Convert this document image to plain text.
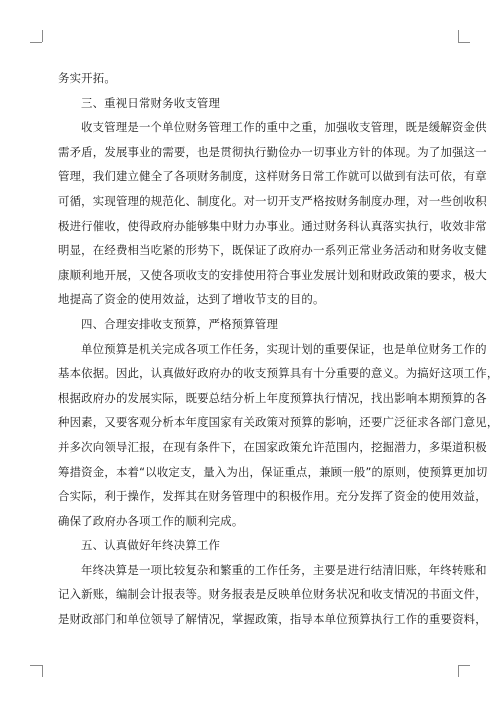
务实开拓。
三、重视日常财务收支管理
收支管理是一个单位财务管理工作的重中之重，加强收支管理，既是缓解资金供
需矛盾，发展事业的需要，也是贯彻执行勤俭办一切事业方针的体现。为了加强这一
管理，我们建立健全了各项财务制度，这样财务日常工作就可以做到有法可依，有章
可循，实现管理的规范化、制度化。对一切开支严格按财务制度办理，对一些创收积
极进行催收，使得政府办能够集中财力办事业。通过财务科认真落实执行，收效非常
明显，在经费相当吃紧的形势下，既保证了政府办一系列正常业务活动和财务收支健
康顺利地开展，又使各项收支的安排使用符合事业发展计划和财政政策的要求，极大
地提高了资金的使用效益，达到了增收节支的目的。
四、合理安排收支预算，严格预算管理
单位预算是机关完成各项工作任务，实现计划的重要保证，也是单位财务工作的
基本依据。因此，认真做好政府办的收支预算具有十分重要的意义。为搞好这项工作，
根据政府办的发展实际，既要总结分析上年度预算执行情况，找出影响本期预算的各
种因素，又要客观分析本年度国家有关政策对预算的影响，还要广泛征求各部门意见，
并多次向领导汇报，在现有条件下，在国家政策允许范围内，挖掘潜力，多渠道积极
筹措资金，本着“以收定支，量入为出，保证重点，兼顾一般”的原则，使预算更加切
合实际，利于操作，发挥其在财务管理中的积极作用。充分发挥了资金的使用效益，
确保了政府办各项工作的顺利完成。
五、认真做好年终决算工作
年终决算是一项比较复杂和繁重的工作任务，主要是进行结清旧账，年终转账和
记入新账，编制会计报表等。财务报表是反映单位财务状况和收支情况的书面文件，
是财政部门和单位领导了解情况，掌握政策，指导本单位预算执行工作的重要资料，
